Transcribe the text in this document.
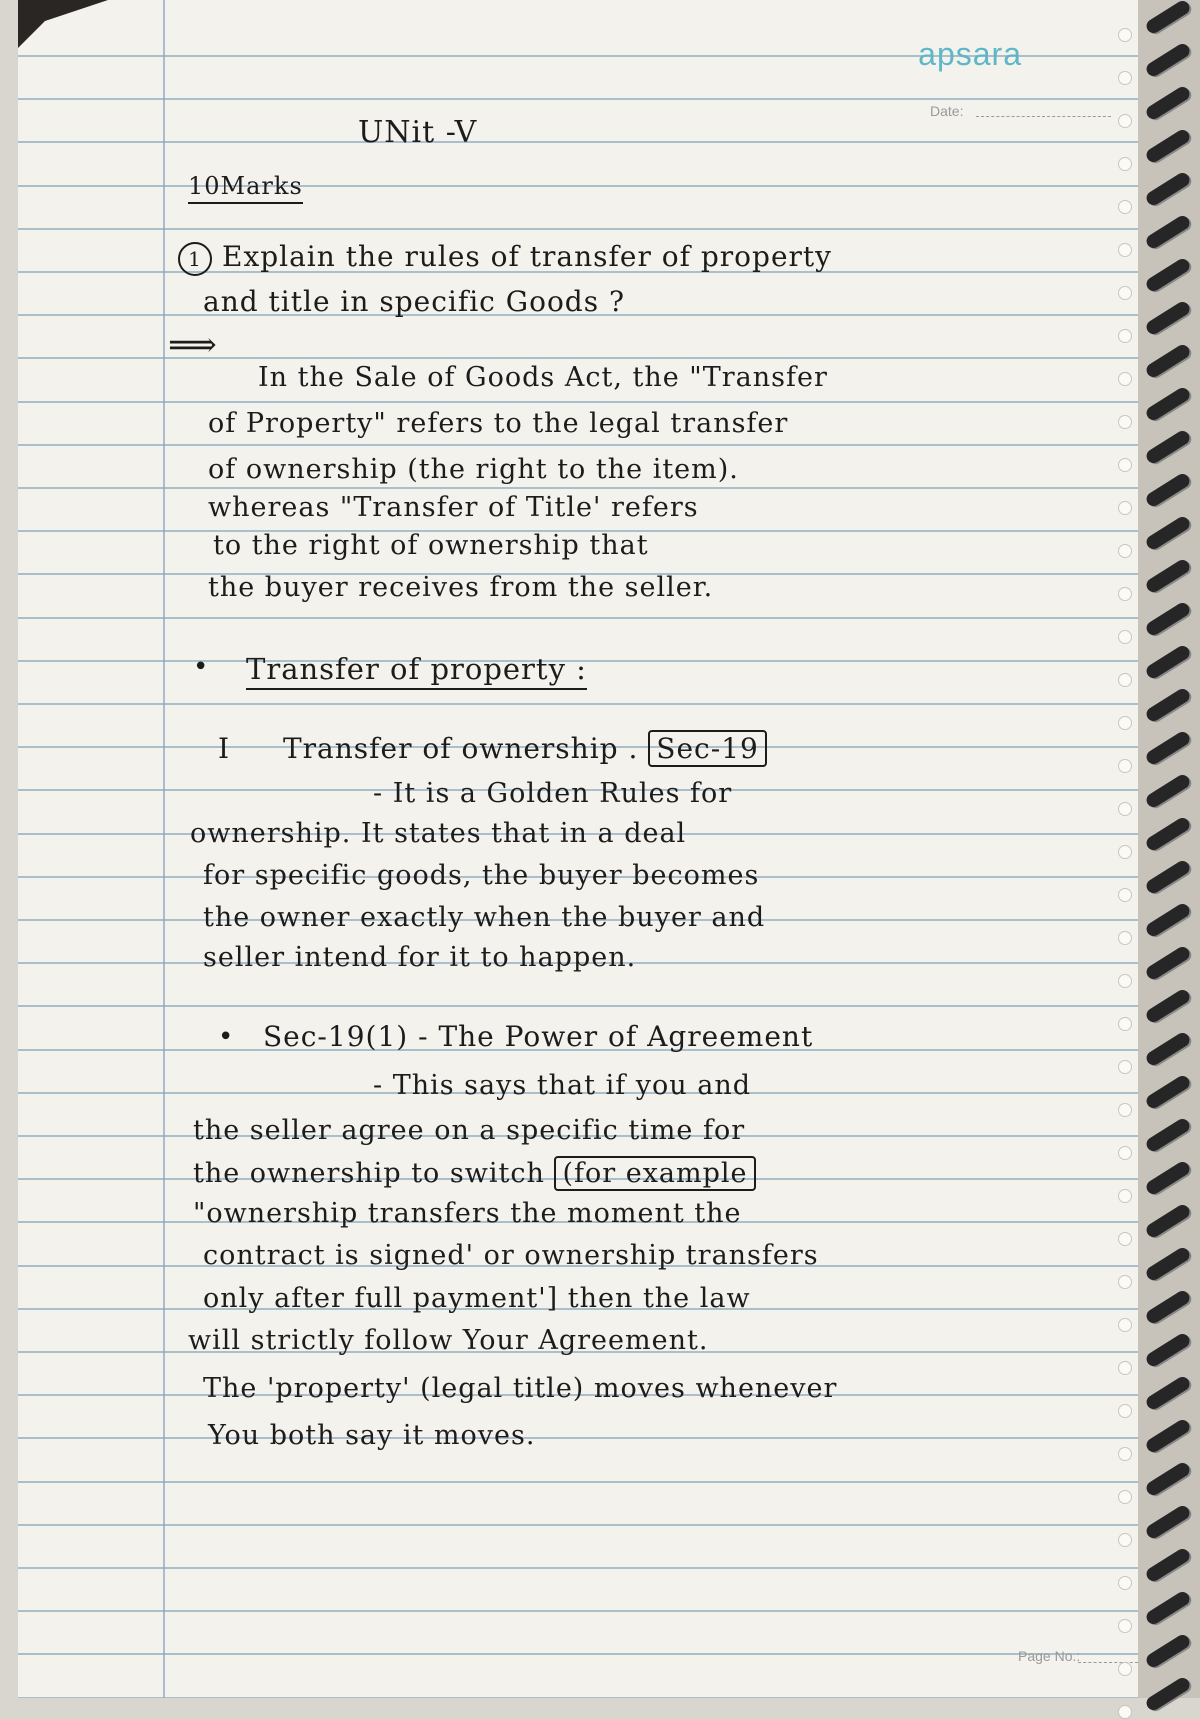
apsara
Date:
UNit -V
10Marks
1 Explain the rules of transfer of property
and title in specific Goods ?
⟹
In the Sale of Goods Act, the "Transfer
of Property" refers to the legal transfer
of ownership (the right to the item).
whereas "Transfer of Title' refers
to the right of ownership that
the buyer receives from the seller.
• Transfer of property :
I Transfer of ownership . Sec-19
- It is a Golden Rules for
ownership. It states that in a deal
for specific goods, the buyer becomes
the owner exactly when the buyer and
seller intend for it to happen.
• Sec-19(1) - The Power of Agreement
- This says that if you and
the seller agree on a specific time for
the ownership to switch (for example
"ownership transfers the moment the
contract is signed' or ownership transfers
only after full payment'] then the law
will strictly follow Your Agreement.
The 'property' (legal title) moves whenever
You both say it moves.
Page No.:
